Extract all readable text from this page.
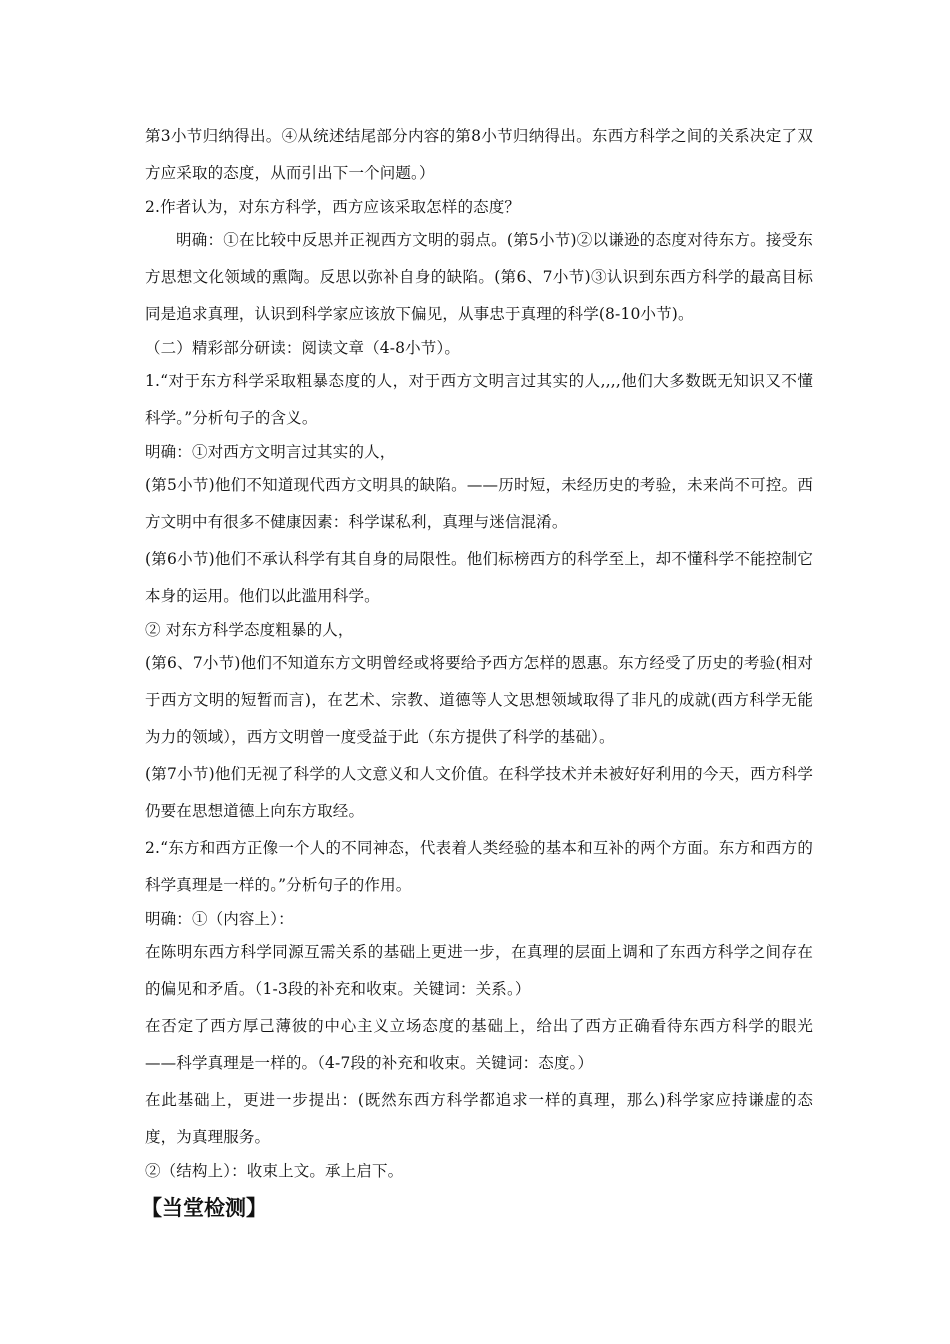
第3小节归纳得出。④从统述结尾部分内容的第8小节归纳得出。东西方科学之间的关系决定了双方应采取的态度，从而引出下一个问题。）

2.作者认为，对东方科学，西方应该采取怎样的态度？

明确：①在比较中反思并正视西方文明的弱点。(第5小节)②以谦逊的态度对待东方。接受东方思想文化领域的熏陶。反思以弥补自身的缺陷。(第6、7小节)③认识到东西方科学的最高目标同是追求真理，认识到科学家应该放下偏见，从事忠于真理的科学(8-10小节)。

（二）精彩部分研读：阅读文章（4-8小节）。

1.“对于东方科学采取粗暴态度的人，对于西方文明言过其实的人,,,,他们大多数既无知识又不懂科学。”分析句子的含义。

明确：①对西方文明言过其实的人，

(第5小节)他们不知道现代西方文明具的缺陷。——历时短，未经历史的考验，未来尚不可控。西方文明中有很多不健康因素：科学谋私利，真理与迷信混淆。

(第6小节)他们不承认科学有其自身的局限性。他们标榜西方的科学至上，却不懂科学不能控制它本身的运用。他们以此滥用科学。

② 对东方科学态度粗暴的人，

(第6、7小节)他们不知道东方文明曾经或将要给予西方怎样的恩惠。东方经受了历史的考验(相对于西方文明的短暂而言)，在艺术、宗教、道德等人文思想领域取得了非凡的成就(西方科学无能为力的领域），西方文明曾一度受益于此（东方提供了科学的基础）。

(第7小节)他们无视了科学的人文意义和人文价值。在科学技术并未被好好利用的今天，西方科学仍要在思想道德上向东方取经。

2.“东方和西方正像一个人的不同神态，代表着人类经验的基本和互补的两个方面。东方和西方的科学真理是一样的。”分析句子的作用。

明确：①（内容上）：

在陈明东西方科学同源互需关系的基础上更进一步，在真理的层面上调和了东西方科学之间存在的偏见和矛盾。（1-3段的补充和收束。关键词：关系。）

在否定了西方厚己薄彼的中心主义立场态度的基础上，给出了西方正确看待东西方科学的眼光——科学真理是一样的。（4-7段的补充和收束。关键词：态度。）

在此基础上，更进一步提出：(既然东西方科学都追求一样的真理，那么)科学家应持谦虚的态度，为真理服务。

②（结构上）：收束上文。承上启下。

【当堂检测】
